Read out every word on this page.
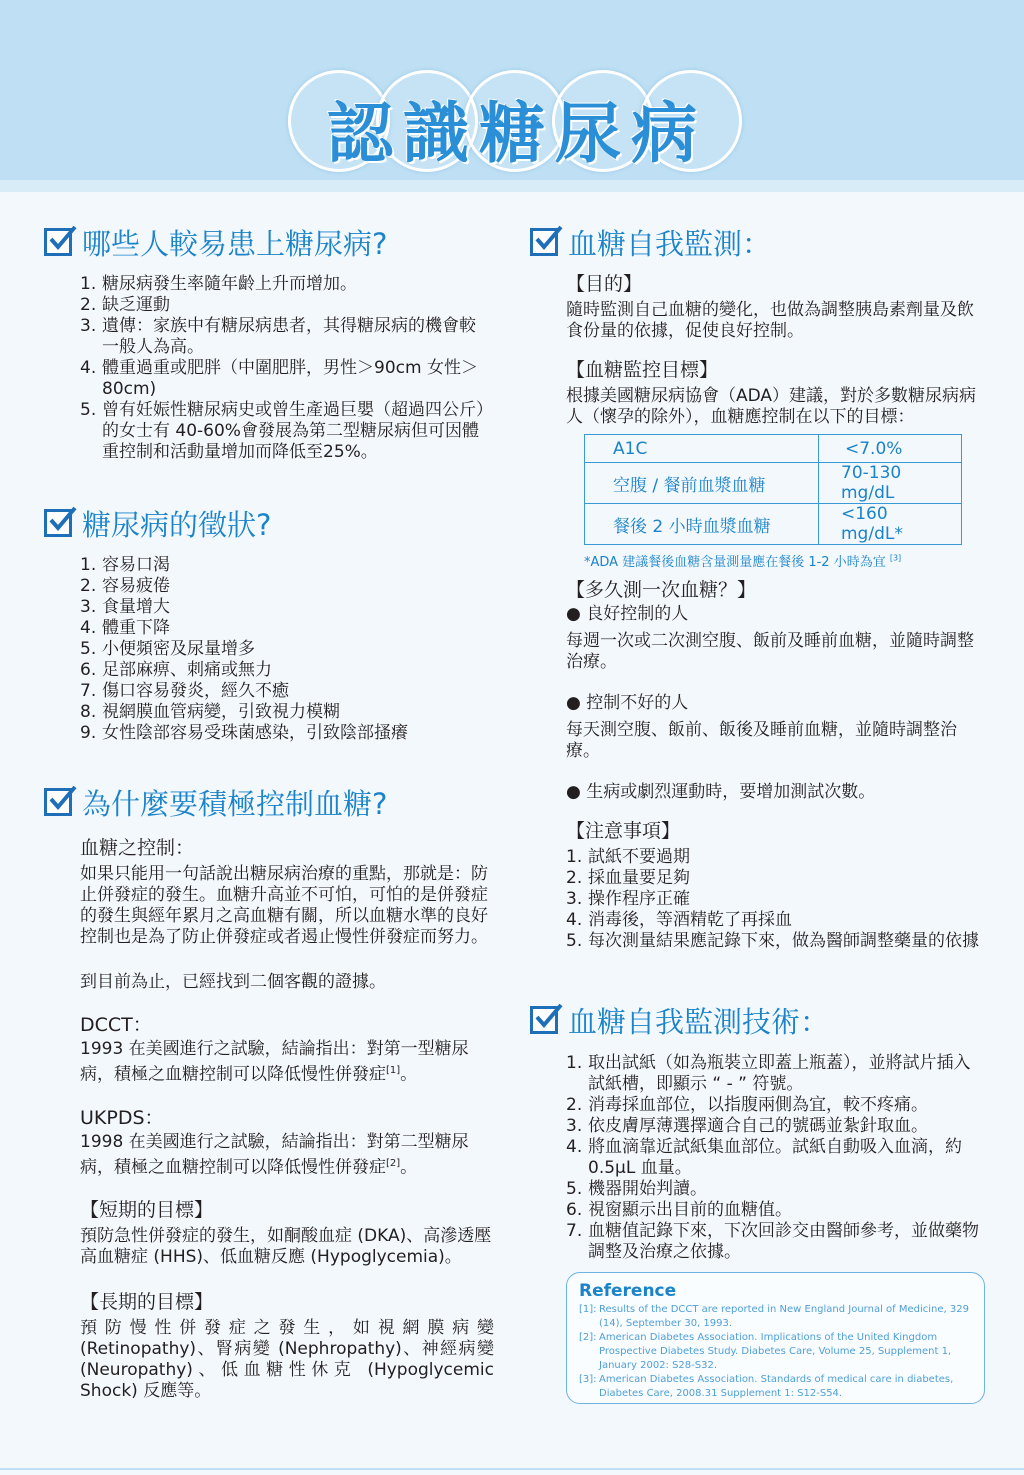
認識糖尿病
哪些人較易患上糖尿病?
1. 糖尿病發生率隨年齡上升而增加。
2. 缺乏運動
3. 遺傳：家族中有糖尿病患者，其得糖尿病的機會較一般人為高。
4. 體重過重或肥胖（中圍肥胖，男性＞90cm 女性＞80cm)
5. 曾有妊娠性糖尿病史或曾生產過巨嬰（超過四公斤）的女士有 40-60%會發展為第二型糖尿病但可因體重控制和活動量增加而降低至25%。
糖尿病的徵狀?
1. 容易口渴
2. 容易疲倦
3. 食量增大
4. 體重下降
5. 小便頻密及尿量增多
6. 足部麻痹、刺痛或無力
7. 傷口容易發炎，經久不癒
8. 視網膜血管病變，引致視力模糊
9. 女性陰部容易受珠菌感染，引致陰部搔癢
為什麼要積極控制血糖?
血糖之控制：
如果只能用一句話說出糖尿病治療的重點，那就是：防止併發症的發生。血糖升高並不可怕，可怕的是併發症的發生與經年累月之高血糖有關，所以血糖水準的良好控制也是為了防止併發症或者遏止慢性併發症而努力。
到目前為止，已經找到二個客觀的證據。
DCCT：
1993 在美國進行之試驗，結論指出：對第一型糖尿病，積極之血糖控制可以降低慢性併發症[1]。
UKPDS：
1998 在美國進行之試驗，結論指出：對第二型糖尿病，積極之血糖控制可以降低慢性併發症[2]。
【短期的目標】
預防急性併發症的發生，如酮酸血症 (DKA)、高滲透壓高血糖症 (HHS)、低血糖反應 (Hypoglycemia)。
【長期的目標】
預防慢性併發症之發生，如視網膜病變 (Retinopathy)、腎病變 (Nephropathy)、神經病變 (Neuropathy)、低血糖性休克 (Hypoglycemic Shock) 反應等。
血糖自我監測：
【目的】
隨時監測自己血糖的變化，也做為調整胰島素劑量及飲食份量的依據，促使良好控制。
【血糖監控目標】
根據美國糖尿病協會（ADA）建議，對於多數糖尿病病人（懷孕的除外），血糖應控制在以下的目標：
A1C	<7.0%
空腹 / 餐前血漿血糖	70-130 mg/dL
餐後 2 小時血漿血糖	<160 mg/dL*
*ADA 建議餐後血糖含量測量應在餐後 1-2 小時為宜 [3]
【多久測一次血糖？】
● 良好控制的人
每週一次或二次測空腹、飯前及睡前血糖，並隨時調整治療。
● 控制不好的人
每天測空腹、飯前、飯後及睡前血糖，並隨時調整治療。
● 生病或劇烈運動時，要增加測試次數。
【注意事項】
1. 試紙不要過期
2. 採血量要足夠
3. 操作程序正確
4. 消毒後，等酒精乾了再採血
5. 每次測量結果應記錄下來，做為醫師調整藥量的依據
血糖自我監測技術：
1. 取出試紙（如為瓶裝立即蓋上瓶蓋），並將試片插入試紙槽，即顯示 “ - ” 符號。
2. 消毒採血部位，以指腹兩側為宜，較不疼痛。
3. 依皮膚厚薄選擇適合自己的號碼並紮針取血。
4. 將血滴靠近試紙集血部位。試紙自動吸入血滴，約 0.5µL 血量。
5. 機器開始判讀。
6. 視窗顯示出目前的血糖值。
7. 血糖值記錄下來，下次回診交由醫師參考，並做藥物調整及治療之依據。
Reference
[1]: Results of the DCCT are reported in New England Journal of Medicine, 329 (14), September 30, 1993.
[2]: American Diabetes Association. Implications of the United Kingdom Prospective Diabetes Study. Diabetes Care, Volume 25, Supplement 1, January 2002: S28-S32.
[3]: American Diabetes Association. Standards of medical care in diabetes, Diabetes Care, 2008.31 Supplement 1: S12-S54.
